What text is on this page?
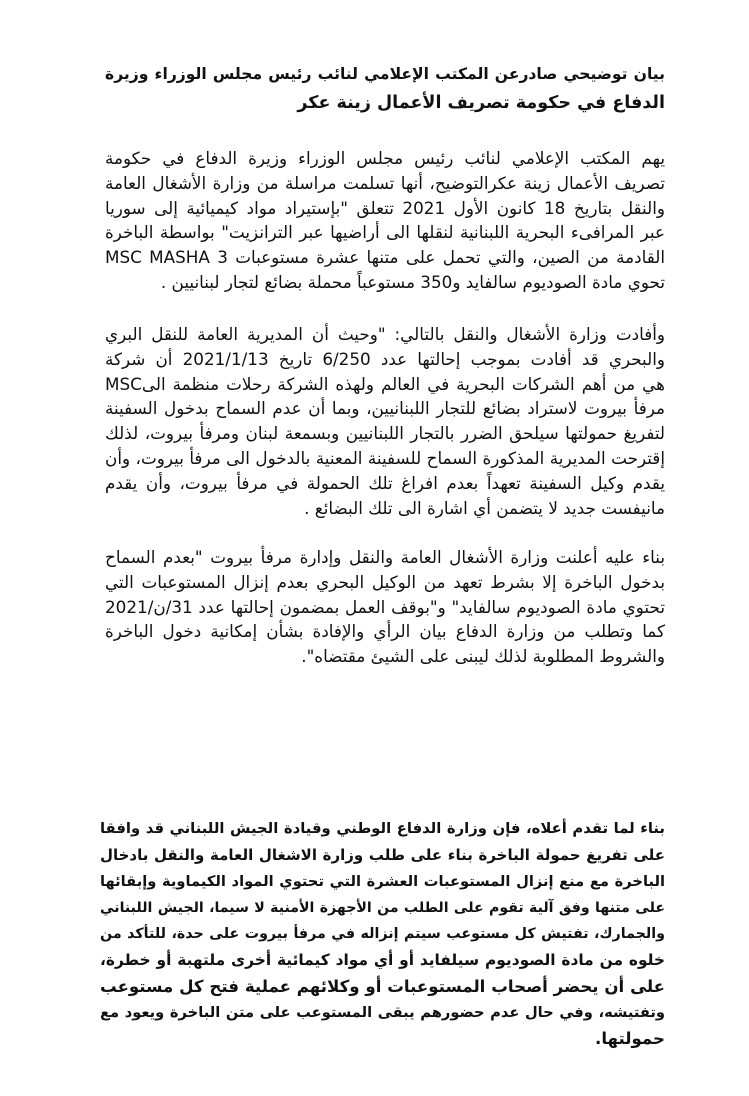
بيان توضيحي صادرعن المكتب الإعلامي لنائب رئيس مجلس الوزراء وزيرة
الدفاع في حكومة تصريف الأعمال زينة عكر
يهم المكتب الإعلامي لنائب رئيس مجلس الوزراء وزيرة الدفاع في حكومة
تصريف الأعمال زينة عكرالتوضيح، أنها تسلمت مراسلة من وزارة الأشغال العامة
والنقل بتاريخ 18 كانون الأول 2021 تتعلق "بإستيراد مواد كيميائية إلى سوريا
عبر المرافىء البحرية اللبنانية لنقلها الى أراضيها عبر الترانزيت" بواسطة الباخرة
MSC MASHA 3 القادمة من الصين، والتي تحمل على متنها عشرة مستوعبات
تحوي مادة الصوديوم سالفايد و350 مستوعباً محملة بضائع لتجار لبنانيين .
وأفادت وزارة الأشغال والنقل بالتالي: "وحيث أن المديرية العامة للنقل البري
والبحري قد أفادت بموجب إحالتها عدد 6/250 تاريخ 2021/1/13 أن شركة
MSCهي من أهم الشركات البحرية في العالم ولهذه الشركة رحلات منظمة الى
مرفأ بيروت لاستراد بضائع للتجار اللبنانيين، وبما أن عدم السماح بدخول السفينة
لتفريغ حمولتها سيلحق الضرر بالتجار اللبنانيين وبسمعة لبنان ومرفأ بيروت، لذلك
إقترحت المديرية المذكورة السماح للسفينة المعنية بالدخول الى مرفأ بيروت، وأن
يقدم وكيل السفينة تعهداً بعدم افراغ تلك الحمولة في مرفأ بيروت، وأن يقدم
مانيفست جديد لا يتضمن أي اشارة الى تلك البضائع .
بناء عليه أعلنت وزارة الأشغال العامة والنقل وإدارة مرفأ بيروت "بعدم السماح
بدخول الباخرة إلا بشرط تعهد من الوكيل البحري بعدم إنزال المستوعبات التي
تحتوي مادة الصوديوم سالفايد" و"بوقف العمل بمضمون إحالتها عدد 31/ن/2021
كما وتطلب من وزارة الدفاع بيان الرأي والإفادة بشأن إمكانية دخول الباخرة
والشروط المطلوبة لذلك ليبنى على الشيئ مقتضاه".
بناء لما تقدم أعلاه، فإن وزارة الدفاع الوطني وقيادة الجيش اللبناني قد وافقا
على تفريغ حمولة الباخرة بناء على طلب وزارة الاشغال العامة والنقل بادخال
الباخرة مع منع إنزال المستوعبات العشرة التي تحتوي المواد الكيماوية وإبقائها
على متنها وفق آلية تقوم على الطلب من الأجهزة الأمنية لا سيما، الجيش اللبناني
والجمارك، تفتيش كل مستوعب سيتم إنزاله في مرفأ بيروت على حدة، للتأكد من
خلوه من مادة الصوديوم سيلفايد أو أي مواد كيمائية أخرى ملتهبة أو خطرة،
على أن يحضر أصحاب المستوعبات أو وكلائهم عملية فتح كل مستوعب
وتفتيشه، وفي حال عدم حضورهم يبقى المستوعب على متن الباخرة ويعود مع
حمولتها.
